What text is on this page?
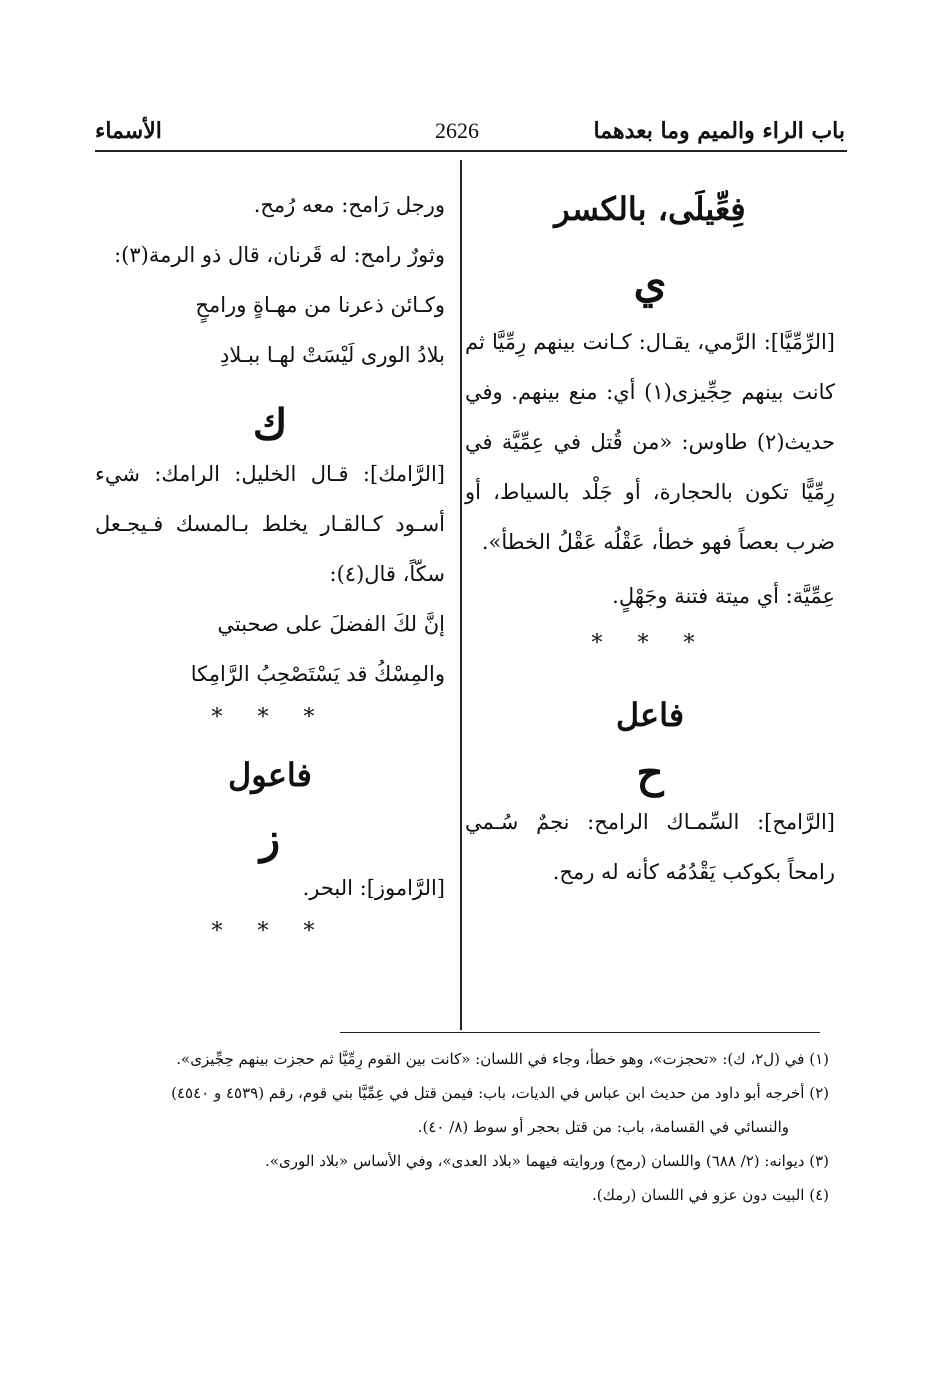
باب الراء والميم وما بعدهما
2626
الأسماء

فِعِّيلَى، بالكسر

ي

[الرِّمِّيَّا]: الرَّمي، يقـال: كـانت بينهم رِمِّيَّا ثم كانت بينهم حِجِّيزى(١) أي: منع بينهم. وفي حديث(٢) طاوس: «من قُتل في عِمِّيَّة في رِمِّيًّا تكون بالحجارة، أو جَلْد بالسياط، أو ضرب بعصاً فهو خطأ، عَقْلُه عَقْلُ الخطأ».

عِمِّيَّة: أي ميتة فتنة وجَهْلٍ.

* * *

فاعل

ح

[الرَّامح]: السِّمـاك الرامح: نجمٌ سُـمي رامحاً بكوكب يَقْدُمُه كأنه له رمح.

ورجل رَامح: معه رُمح.

وثورٌ رامح: له قَرنان، قال ذو الرمة(٣):

وكـائن ذعرنا من مهـاةٍ ورامحٍ

بلادُ الورى لَيْسَتْ لهـا ببـلادِ

ك

[الرَّامك]: قـال الخليل: الرامك: شيء أسـود كـالقـار يخلط بـالمسك فـيجـعل سكّاً، قال(٤):

إنَّ لكَ الفضلَ على صحبتي

والمِسْكُ قد يَسْتَصْحِبُ الرَّامِكا

* * *

فاعول

ز

[الرَّاموز]: البحر.

* * *

(١) في (ل٢، ك): «تحجزت»، وهو خطأ، وجاء في اللسان: «كانت بين القوم رِمِّيَّا ثم حجزت بينهم حِجِّيزى».

(٢) أخرجه أبو داود من حديث ابن عباس في الديات، باب: فيمن قتل في عِمِّيَّا بني قوم، رقم (٤٥٣٩ و ٤٥٤٠)

والنسائي في القسامة، باب: من قتل بحجر أو سوط (٨/ ٤٠).

(٣) ديوانه: (٢/ ٦٨٨) واللسان (رمح) وروايته فيهما «بلاد العدى»، وفي الأساس «بلاد الورى».

(٤) البيت دون عزو في اللسان (رمك).
